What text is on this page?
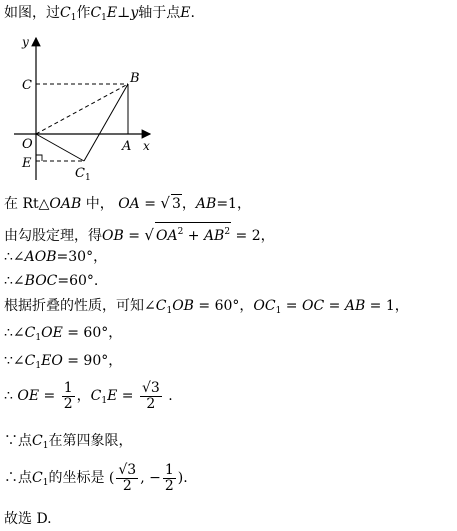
如图，过$C_1$作$C_1E\perp y$轴于点E.
y
x
C	B
O	A
E
$C_1$
在 Rt△OAB 中， OA = √ 3，AB=1，
由勾股定理，得OB = √ $OA^2 + AB^2 = 2$，
∴∠AOB=30°，
∴∠BOC=60°.
根据折叠的性质，可知$\angle C_1OB = 60^\circ$，$OC_1$ = OC = AB = 1，
$\therefore\angle C_1OE = 60^\circ$，
$\because\angle C_1EO = 90^\circ$，
∴ OE = $\frac{1}{2}$ ，$C_1E = \frac{√3}{2}$ .
∵点$C_1$在第四象限，
∴点$C_1$的坐标是 ( $\frac{√3}{2}$ , − $\frac{1}{2}$ ).
故选 D.
